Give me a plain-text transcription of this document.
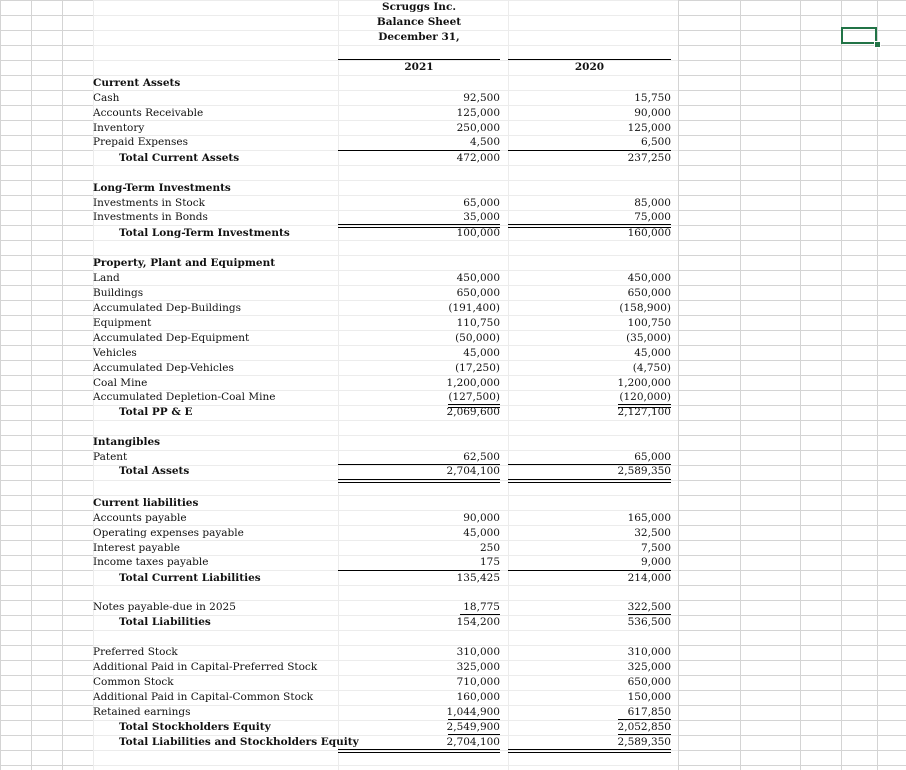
Scruggs Inc.
Balance Sheet
December 31,
2021	2020
Current Assets
Cash	92,500	15,750
Accounts Receivable	125,000	90,000
Inventory	250,000	125,000
Prepaid Expenses	4,500	6,500
Total Current Assets	472,000	237,250
Long-Term Investments
Investments in Stock	65,000	85,000
Investments in Bonds	35,000	75,000
Total Long-Term Investments	100,000	160,000
Property, Plant and Equipment
Land	450,000	450,000
Buildings	650,000	650,000
Accumulated Dep-Buildings	(191,400)	(158,900)
Equipment	110,750	100,750
Accumulated Dep-Equipment	(50,000)	(35,000)
Vehicles	45,000	45,000
Accumulated Dep-Vehicles	(17,250)	(4,750)
Coal Mine	1,200,000	1,200,000
Accumulated Depletion-Coal Mine	(127,500)	(120,000)
Total PP & E	2,069,600	2,127,100
Intangibles
Patent	62,500	65,000
Total Assets	2,704,100	2,589,350
Current liabilities
Accounts payable	90,000	165,000
Operating expenses payable	45,000	32,500
Interest payable	250	7,500
Income taxes payable	175	9,000
Total Current Liabilities	135,425	214,000
Notes payable-due in 2025	18,775	322,500
Total Liabilities	154,200	536,500
Preferred Stock	310,000	310,000
Additional Paid in Capital-Preferred Stock	325,000	325,000
Common Stock	710,000	650,000
Additional Paid in Capital-Common Stock	160,000	150,000
Retained earnings	1,044,900	617,850
Total Stockholders Equity	2,549,900	2,052,850
Total Liabilities and Stockholders Equity	2,704,100	2,589,350
